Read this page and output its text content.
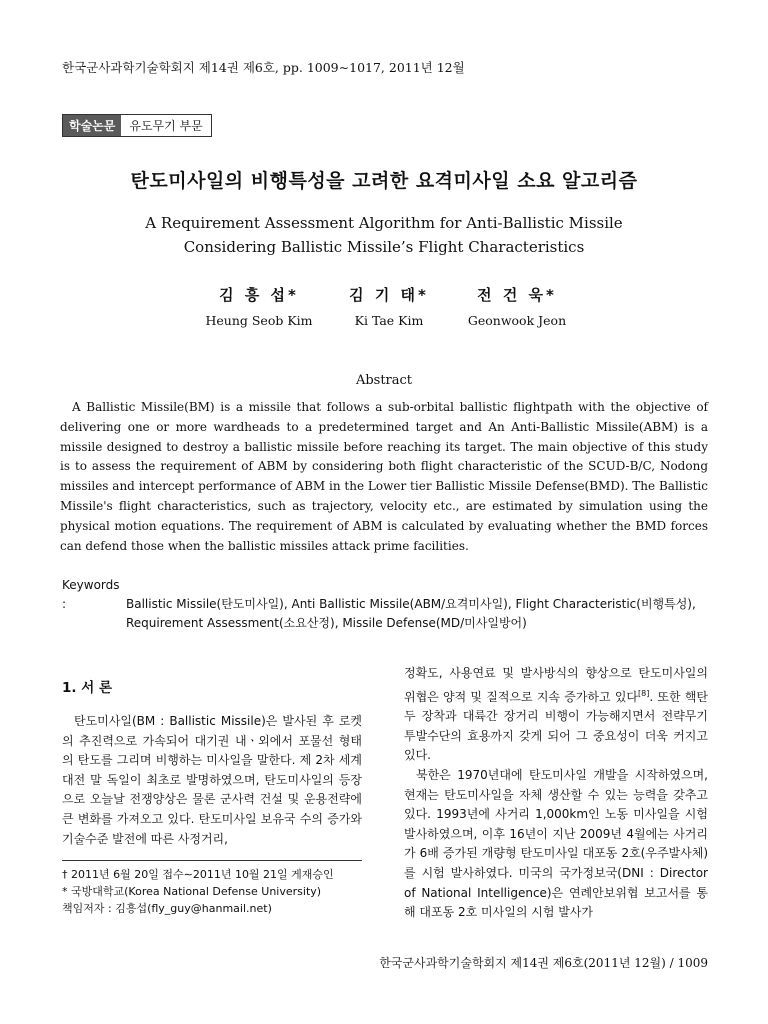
한국군사과학기술학회지 제14권 제6호, pp. 1009∼1017, 2011년 12월
학술논문	유도무기 부문
탄도미사일의 비행특성을 고려한 요격미사일 소요 알고리즘
A Requirement Assessment Algorithm for Anti-Ballistic Missile
Considering Ballistic Missile’s Flight Characteristics
김 흥 섭*
Heung Seob Kim
김 기 태*
Ki Tae Kim
전 건 욱*
Geonwook Jeon
Abstract
A Ballistic Missile(BM) is a missile that follows a sub-orbital ballistic flightpath with the objective of delivering one or more wardheads to a predetermined target and An Anti-Ballistic Missile(ABM) is a missile designed to destroy a ballistic missile before reaching its target. The main objective of this study is to assess the requirement of ABM by considering both flight characteristic of the SCUD-B/C, Nodong missiles and intercept performance of ABM in the Lower tier Ballistic Missile Defense(BMD). The Ballistic Missile's flight characteristics, such as trajectory, velocity etc., are estimated by simulation using the physical motion equations. The requirement of ABM is calculated by evaluating whether the BMD forces can defend those when the ballistic missiles attack prime facilities.
Keywords :	Ballistic Missile(탄도미사일), Anti Ballistic Missile(ABM/요격미사일), Flight Characteristic(비행특성),
Requirement Assessment(소요산정), Missile Defense(MD/미사일방어)
1. 서 론
탄도미사일(BM : Ballistic Missile)은 발사된 후 로켓의 추진력으로 가속되어 대기권 내ㆍ외에서 포물선 형태의 탄도를 그리며 비행하는 미사일을 말한다. 제 2차 세계대전 말 독일이 최초로 발명하였으며, 탄도미사일의 등장으로 오늘날 전쟁양상은 물론 군사력 건설 및 운용전략에 큰 변화를 가져오고 있다. 탄도미사일 보유국 수의 증가와 기술수준 발전에 따른 사정거리,

정확도, 사용연료 및 발사방식의 향상으로 탄도미사일의 위협은 양적 및 질적으로 지속 증가하고 있다[8]. 또한 핵탄두 장착과 대륙간 장거리 비행이 가능해지면서 전략무기 투발수단의 효용까지 갖게 되어 그 중요성이 더욱 커지고 있다.

북한은 1970년대에 탄도미사일 개발을 시작하였으며, 현재는 탄도미사일을 자체 생산할 수 있는 능력을 갖추고 있다. 1993년에 사거리 1,000km인 노동 미사일을 시험 발사하였으며, 이후 16년이 지난 2009년 4월에는 사거리가 6배 증가된 개량형 탄도미사일 대포동 2호(우주발사체)를 시험 발사하였다. 미국의 국가정보국(DNI : Director of National Intelligence)은 연례안보위협 보고서를 통해 대포동 2호 미사일의 시험 발사가

† 2011년 6월 20일 접수∼2011년 10월 21일 게재승인
* 국방대학교(Korea National Defense University)
책임저자 : 김흥섭(fly_guy@hanmail.net)
한국군사과학기술학회지 제14권 제6호(2011년 12월) / 1009
